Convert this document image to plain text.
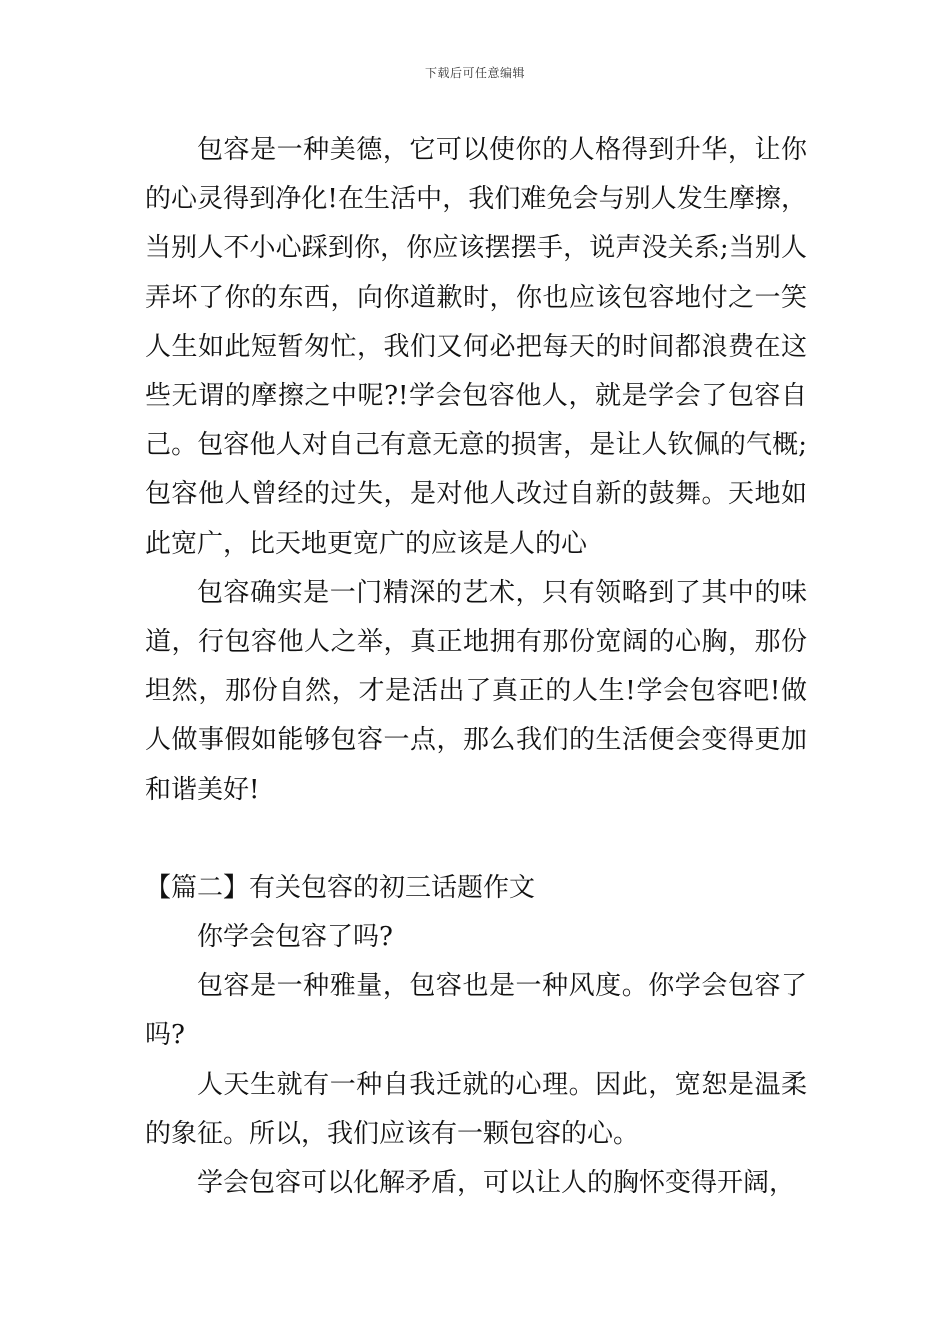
下载后可任意编辑

包容是一种美德，它可以使你的人格得到升华，让你的心灵得到净化!在生活中，我们难免会与别人发生摩擦，当别人不小心踩到你，你应该摆摆手，说声没关系;当别人弄坏了你的东西，向你道歉时，你也应该包容地付之一笑人生如此短暂匆忙，我们又何必把每天的时间都浪费在这些无谓的摩擦之中呢?!学会包容他人，就是学会了包容自己。包容他人对自己有意无意的损害，是让人钦佩的气概;包容他人曾经的过失，是对他人改过自新的鼓舞。天地如此宽广，比天地更宽广的应该是人的心

包容确实是一门精深的艺术，只有领略到了其中的味道，行包容他人之举，真正地拥有那份宽阔的心胸，那份坦然，那份自然，才是活出了真正的人生!学会包容吧!做人做事假如能够包容一点，那么我们的生活便会变得更加和谐美好!

【篇二】有关包容的初三话题作文

你学会包容了吗?

包容是一种雅量，包容也是一种风度。你学会包容了吗?

人天生就有一种自我迁就的心理。因此，宽恕是温柔的象征。所以，我们应该有一颗包容的心。

学会包容可以化解矛盾，可以让人的胸怀变得开阔，
